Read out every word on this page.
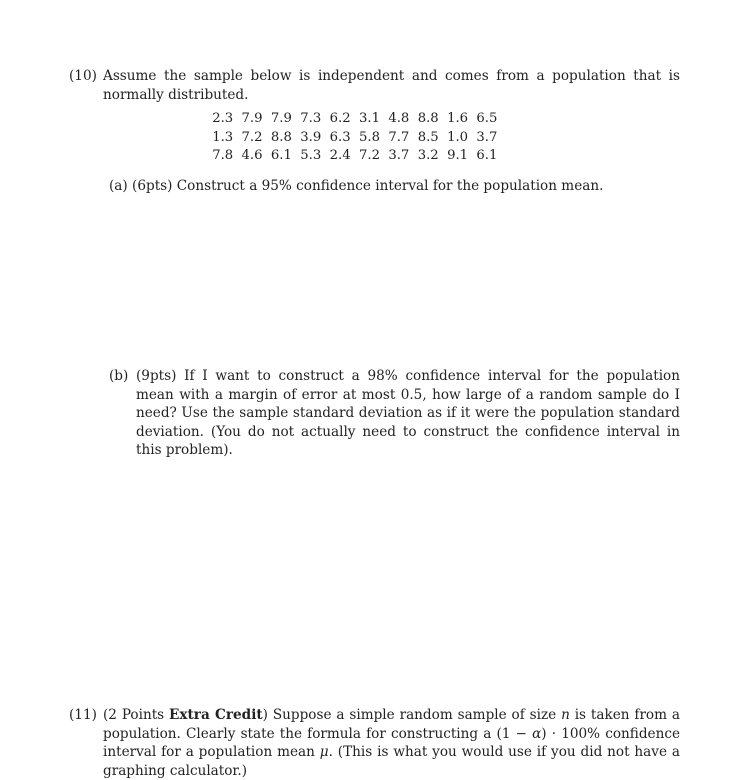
(10) Assume the sample below is independent and comes from a population that is normally distributed.
2.3	7.9	7.9	7.3	6.2	3.1	4.8	8.8	1.6	6.5
1.3	7.2	8.8	3.9	6.3	5.8	7.7	8.5	1.0	3.7
7.8	4.6	6.1	5.3	2.4	7.2	3.7	3.2	9.1	6.1
(a) (6pts) Construct a 95% confidence interval for the population mean.
(b) (9pts) If I want to construct a 98% confidence interval for the population mean with a margin of error at most 0.5, how large of a random sample do I need? Use the sample standard deviation as if it were the population standard deviation. (You do not actually need to construct the confidence interval in this problem).
(11) (2 Points Extra Credit) Suppose a simple random sample of size n is taken from a population. Clearly state the formula for constructing a (1 − α) · 100% confidence interval for a population mean μ. (This is what you would use if you did not have a graphing calculator.)
